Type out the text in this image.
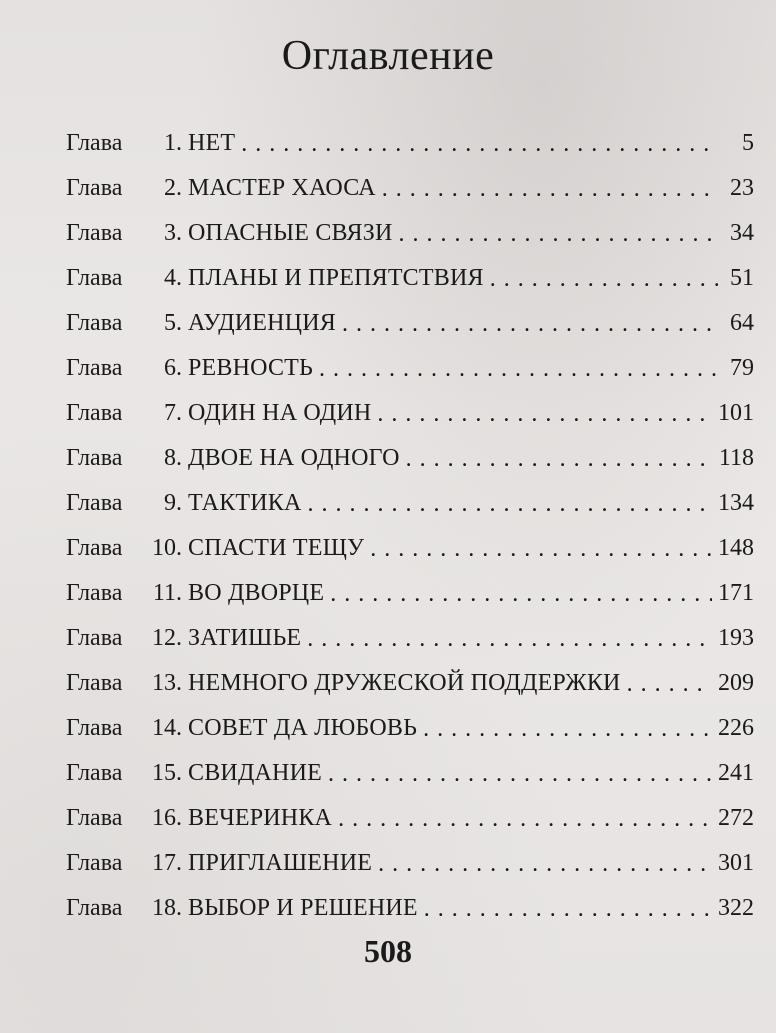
Оглавление
Глава 1. НЕТ . . .	5
Глава 2. МАСТЕР ХАОСА . . .	23
Глава 3. ОПАСНЫЕ СВЯЗИ . . .	34
Глава 4. ПЛАНЫ И ПРЕПЯТСТВИЯ . . .	51
Глава 5. АУДИЕНЦИЯ . . .	64
Глава 6. РЕВНОСТЬ . . .	79
Глава 7. ОДИН НА ОДИН . . .	101
Глава 8. ДВОЕ НА ОДНОГО . . .	118
Глава 9. ТАКТИКА . . .	134
Глава 10. СПАСТИ ТЕЩУ . . .	148
Глава 11. ВО ДВОРЦЕ . . .	171
Глава 12. ЗАТИШЬЕ . . .	193
Глава 13. НЕМНОГО ДРУЖЕСКОЙ ПОДДЕРЖКИ . . .	209
Глава 14. СОВЕТ ДА ЛЮБОВЬ . . .	226
Глава 15. СВИДАНИЕ . . .	241
Глава 16. ВЕЧЕРИНКА . . .	272
Глава 17. ПРИГЛАШЕНИЕ . . .	301
Глава 18. ВЫБОР И РЕШЕНИЕ . . .	322
508
